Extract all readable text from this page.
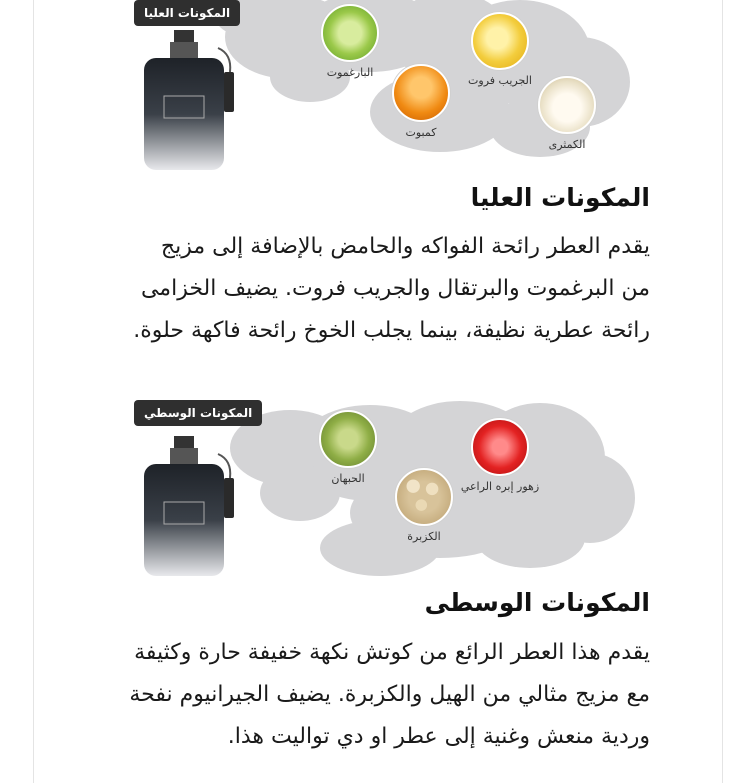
المكونات العليا
البارغموت
الجريب فروت
كمبوت
الكمثرى
المكونات العليا

يقدم العطر رائحة الفواكه والحامض بالإضافة إلى مزيج من البرغموت والبرتقال والجريب فروت. يضيف الخزامى رائحة عطرية نظيفة، بينما يجلب الخوخ رائحة فاكهة حلوة.

المكونات الوسطي
الحبهان
زهور إبره الراعي
الكزبرة
المكونات الوسطى

يقدم هذا العطر الرائع من كوتش نكهة خفيفة حارة وكثيفة مع مزيج مثالي من الهيل والكزبرة. يضيف الجيرانيوم نفحة وردية منعش وغنية إلى عطر او دي تواليت هذا.
